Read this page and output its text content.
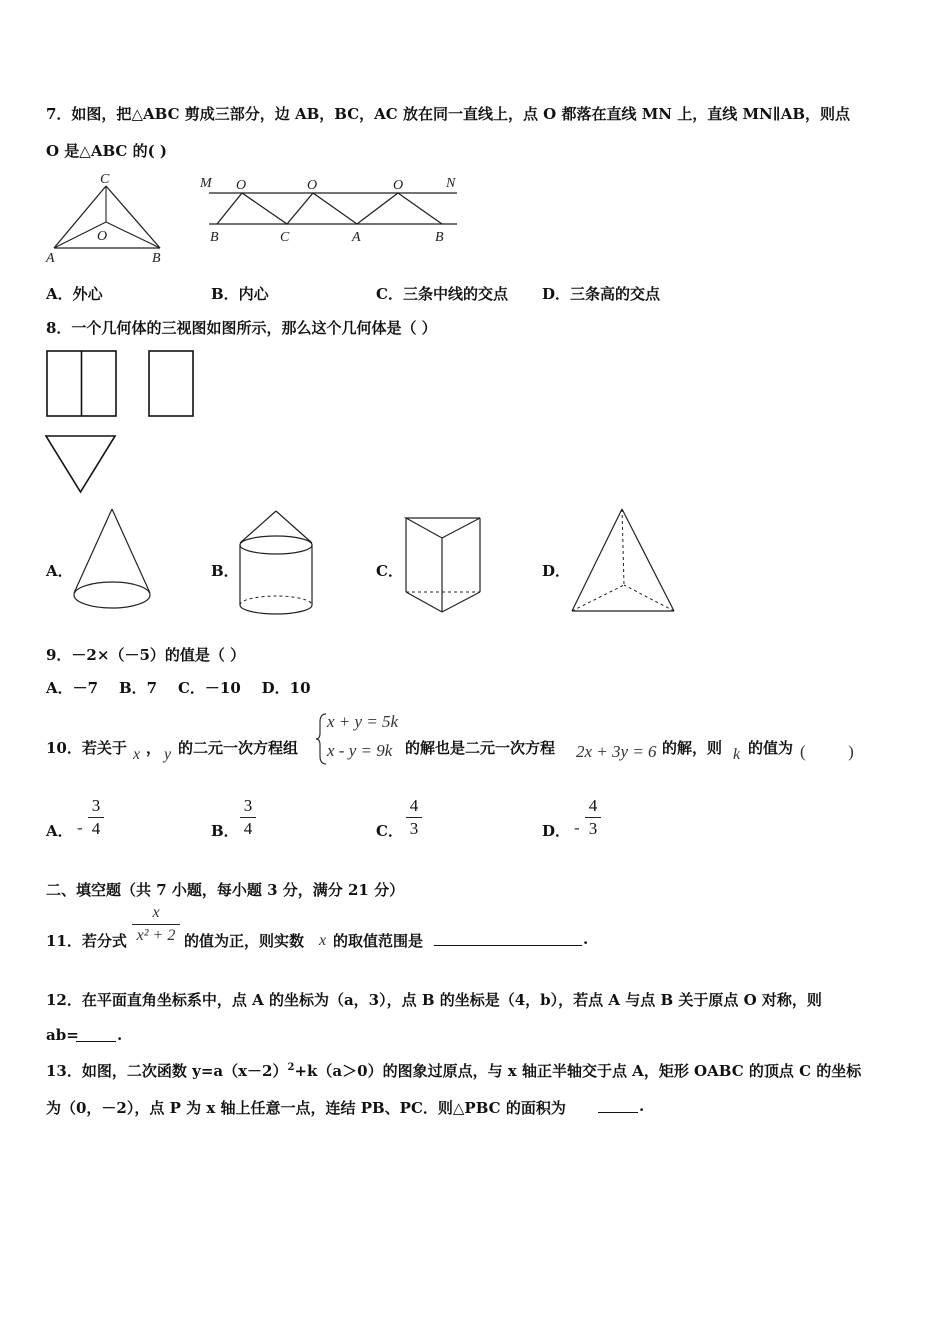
7．如图，把△ABC 剪成三部分，边 AB，BC，AC 放在同一直线上，点 O 都落在直线 MN 上，直线 MN∥AB，则点
O 是△ABC 的( )
C
O
A	B
M O	O	O	N
B	C	A	B
A．外心	B．内心	C．三条中线的交点 D．三条高的交点
8．一个几何体的三视图如图所示，那么这个几何体是（ ）
A．	B．	C．	D．
9．－2×（－5）的值是（ ）
A．－7    B．7    C．－10    D．10
10．若关于 x ， y 的二元一次方程组
x + y = 5k
x - y = 9k 的解也是二元一次方程 2x + 3y = 6 的解，则 k 的值为 (          )
A． -
3
4	B．
3
4	C．
4
3	D． -
4
3
二、填空题（共 7 小题，每小题 3 分，满分 21 分）
11．若分式
x
x² + 2 的值为正，则实数 x 的取值范围是	.
12．在平面直角坐标系中，点 A 的坐标为（a，3），点 B 的坐标是（4，b），若点 A 与点 B 关于原点 O 对称，则
ab=	.
13．如图，二次函数 $y=a(x-2)^2+k(a>0)$的图象过原点，与 x 轴正半轴交于点 A，矩形 OABC 的顶点 C 的坐标
为（0，－2），点 P 为 x 轴上任意一点，连结 PB、PC．则△PBC 的面积为	.
